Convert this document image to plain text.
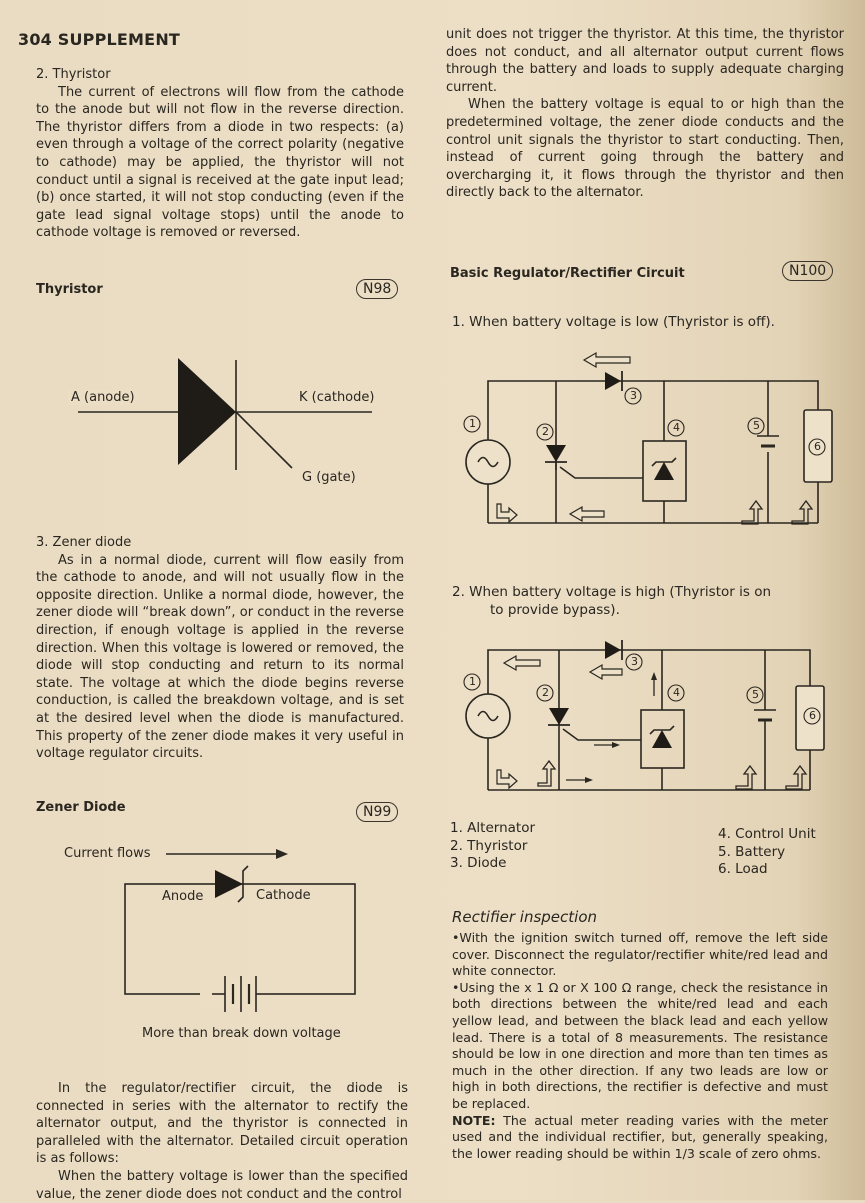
304 SUPPLEMENT

2. Thyristor

The current of electrons will flow from the cathode to the anode but will not flow in the reverse direction. The thyristor differs from a diode in two respects: (a) even through a voltage of the correct polarity (negative to cathode) may be applied, the thyristor will not conduct until a signal is received at the gate input lead; (b) once started, it will not stop conducting (even if the gate lead signal voltage stops) until the anode to cathode voltage is removed or reversed.

Thyristor	N98
A (anode)	K (cathode)
G (gate)

3. Zener diode

As in a normal diode, current will flow easily from the cathode to anode, and will not usually flow in the opposite direction. Unlike a normal diode, however, the zener diode will “break down”, or conduct in the reverse direction, if enough voltage is applied in the reverse direction. When this voltage is lowered or removed, the diode will stop conducting and return to its normal state. The voltage at which the diode begins reverse conduction, is called the breakdown voltage, and is set at the desired level when the diode is manufactured. This property of the zener diode makes it very useful in voltage regulator circuits.

Zener Diode	N99
Current flows
Anode	Cathode
More than break down voltage

In the regulator/rectifier circuit, the diode is connected in series with the alternator to rectify the alternator output, and the thyristor is connected in paralleled with the alternator. Detailed circuit operation is as follows:

When the battery voltage is lower than the specified value, the zener diode does not conduct and the control

unit does not trigger the thyristor. At this time, the thyristor does not conduct, and all alternator output current flows through the battery and loads to supply adequate charging current.

When the battery voltage is equal to or high than the predetermined voltage, the zener diode conducts and the control unit signals the thyristor to start conducting. Then, instead of current going through the battery and overcharging it, it flows through the thyristor and then directly back to the alternator.

Basic Regulator/Rectifier Circuit	N100
1. When battery voltage is low (Thyristor is off).
1
2
3
4	5
6
2. When battery voltage is high (Thyristor is on
to provide bypass).
1
2
3
4	5
6
1. Alternator
2. Thyristor
3. Diode
4. Control Unit
5. Battery
6. Load
Rectifier inspection

•With the ignition switch turned off, remove the left side cover. Disconnect the regulator/rectifier white/red lead and white connector.

•Using the x 1 Ω or X 100 Ω range, check the resistance in both directions between the white/red lead and each yellow lead, and between the black lead and each yellow lead. There is a total of 8 measurements. The resistance should be low in one direction and more than ten times as much in the other direction. If any two leads are low or high in both directions, the rectifier is defective and must be replaced.

NOTE: The actual meter reading varies with the meter used and the individual rectifier, but, generally speaking, the lower reading should be within 1/3 scale of zero ohms.
